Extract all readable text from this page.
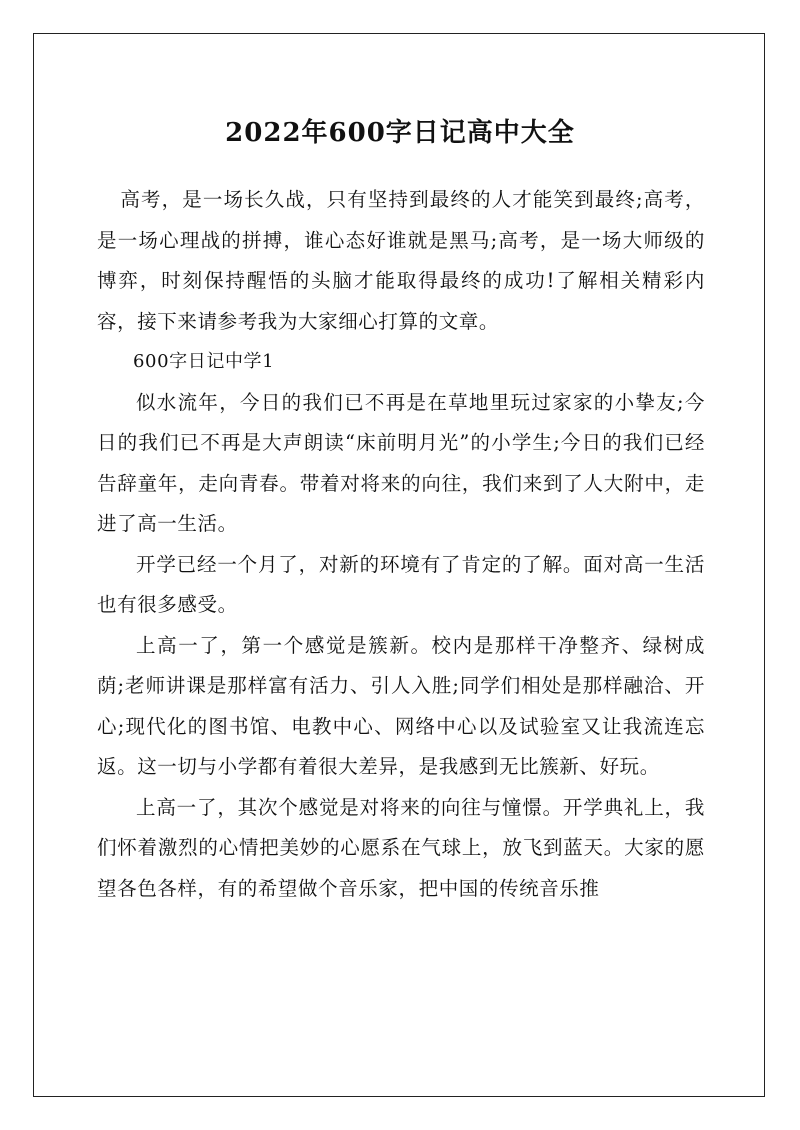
2022年600字日记高中大全

高考，是一场长久战，只有坚持到最终的人才能笑到最终;高考，是一场心理战的拼搏，谁心态好谁就是黑马;高考，是一场大师级的博弈，时刻保持醒悟的头脑才能取得最终的成功!了解相关精彩内容，接下来请参考我为大家细心打算的文章。

600字日记中学1

似水流年，今日的我们已不再是在草地里玩过家家的小挚友;今日的我们已不再是大声朗读“床前明月光”的小学生;今日的我们已经告辞童年，走向青春。带着对将来的向往，我们来到了人大附中，走进了高一生活。

开学已经一个月了，对新的环境有了肯定的了解。面对高一生活也有很多感受。

上高一了，第一个感觉是簇新。校内是那样干净整齐、绿树成荫;老师讲课是那样富有活力、引人入胜;同学们相处是那样融洽、开心;现代化的图书馆、电教中心、网络中心以及试验室又让我流连忘返。这一切与小学都有着很大差异，是我感到无比簇新、好玩。

上高一了，其次个感觉是对将来的向往与憧憬。开学典礼上，我们怀着激烈的心情把美妙的心愿系在气球上，放飞到蓝天。大家的愿望各色各样，有的希望做个音乐家，把中国的传统音乐推
